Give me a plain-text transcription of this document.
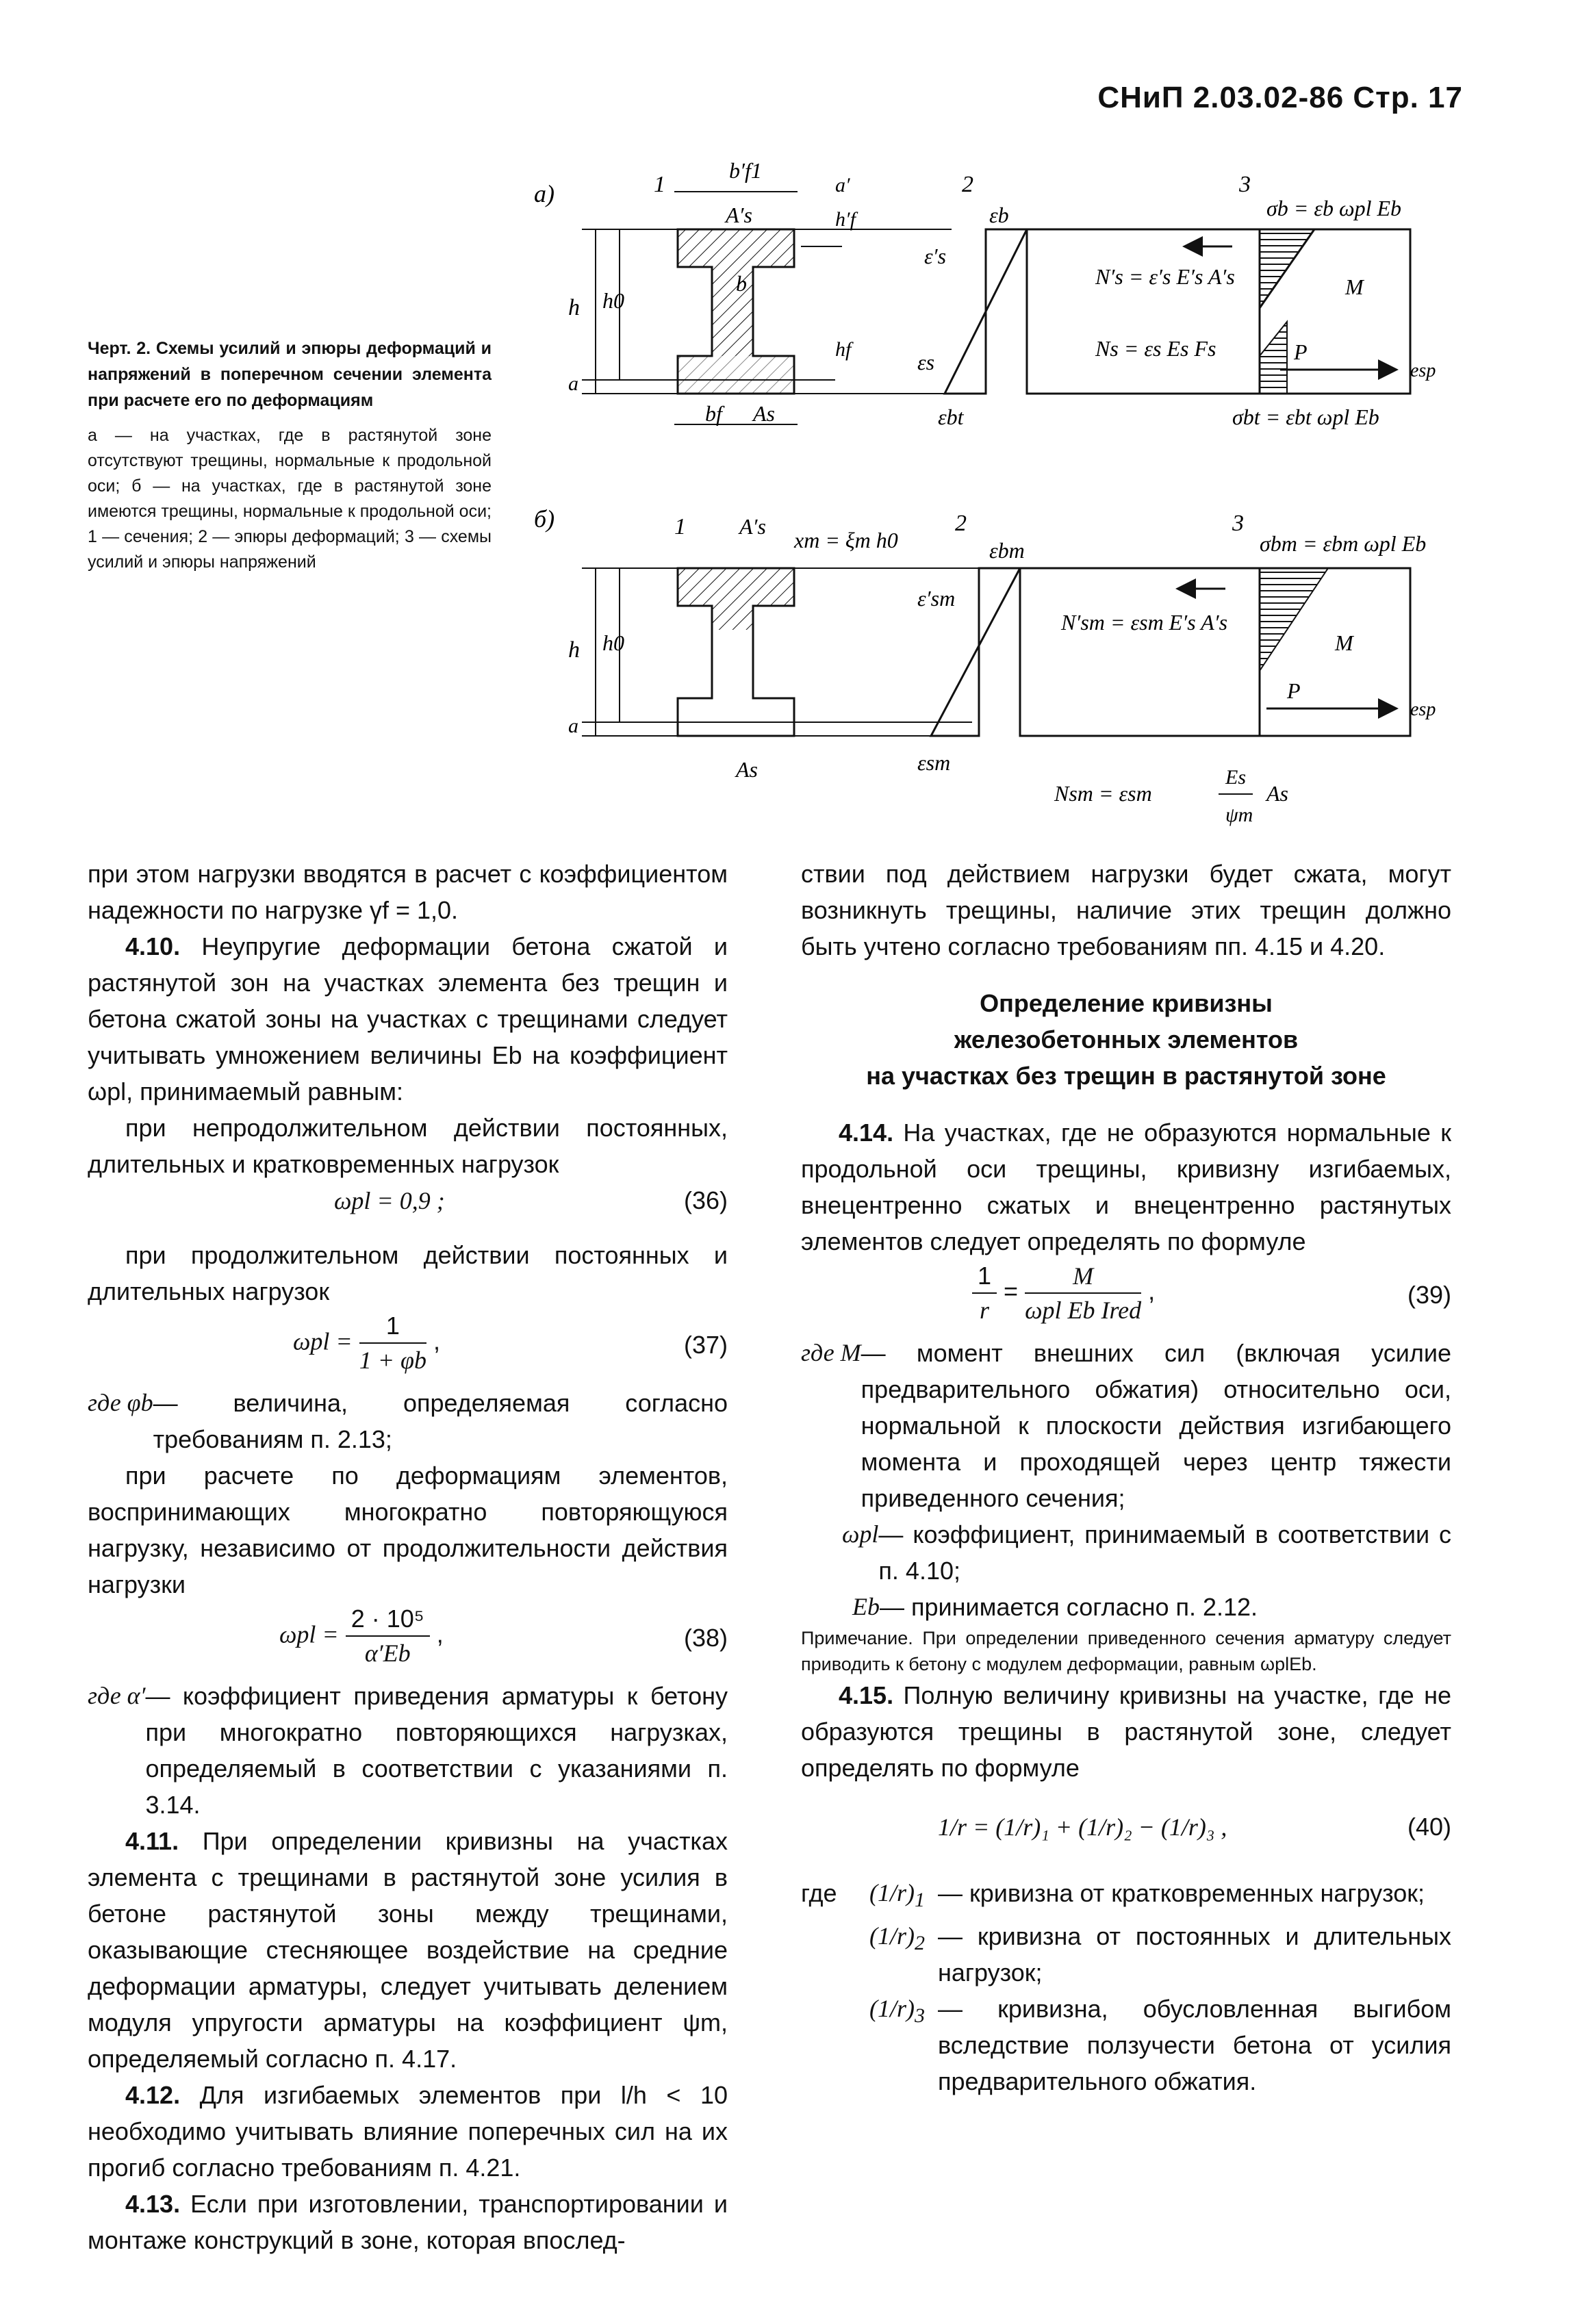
СНиП 2.03.02-86 Стр. 17
Черт. 2. Схемы усилий и эпюры деформаций и напряжений в поперечном сечении элемента при расчете его по деформациям
а — на участках, где в растянутой зоне отсутствуют трещины, нормальные к продольной оси; б — на участках, где в растянутой зоне имеются трещины, нормальные к продольной оси; 1 — сечения; 2 — эпюры деформаций; 3 — схемы усилий и эпюры напряжений
а)	1
b′f1
a′
h′f
A′s
b
h h0
hf
a
bf As
2
εb
ε′s
εs
εbt
3
σb = εb ωpl Eb
N′s = ε′s E′s A′s
Ns = εs Es Fs
M
P
esp
σbt = εbt ωpl Eb
б)	1 A′s
xm = ξm h0
h h0
a
As
2
εbm
ε′sm
εsm
3
σbm = εbm ωpl Eb
N′sm = εsm E′s A′s
M
P
esp
Nsm = εsm
Es
ψm
As

при этом нагрузки вводятся в расчет с коэффициентом надежности по нагрузке γf = 1,0.

4.10. Неупругие деформации бетона сжатой и растянутой зон на участках элемента без трещин и бетона сжатой зоны на участках с трещинами следует учитывать умножением величины Eb на коэффициент ωpl, принимаемый равным:

при непродолжительном действии постоянных, длительных и кратковременных нагрузок

ωpl = 0,9 ;	(36)

при продолжительном действии постоянных и длительных нагрузок

$\omega pl = \frac{1}{1 + \varphi b}$ ,	(37)
где φb — величина, определяемая согласно требованиям п. 2.13;

при расчете по деформациям элементов, воспринимающих многократно повторяющуюся нагрузку, независимо от продолжительности действия нагрузки

$\omega pl = \frac{\text{2 · 10⁵}}{\alpha'Eb}$ ,	(38)
где α′ — коэффициент приведения арматуры к бетону при многократно повторяющихся нагрузках, определяемый в соответствии с указаниями п. 3.14.

4.11. При определении кривизны на участках элемента с трещинами в растянутой зоне усилия в бетоне растянутой зоны между трещинами, оказывающие стесняющее воздействие на средние деформации арматуры, следует учитывать делением модуля упругости арматуры на коэффициент ψm, определяемый согласно п. 4.17.

4.12. Для изгибаемых элементов при l/h < 10 необходимо учитывать влияние поперечных сил на их прогиб согласно требованиям п. 4.21.

4.13. Если при изготовлении, транспортировании и монтаже конструкций в зоне, которая впослед-

ствии под действием нагрузки будет сжата, могут возникнуть трещины, наличие этих трещин должно быть учтено согласно требованиям пп. 4.15 и 4.20.

Определение кривизны
железобетонных элементов
на участках без трещин в растянутой зоне

4.14. На участках, где не образуются нормальные к продольной оси трещины, кривизну изгибаемых, внецентренно сжатых и внецентренно растянутых элементов следует определять по формуле

$\frac{1}{r} = \frac{M}{\text{ωpl Eb Ired}}$ ,	(39)
где M — момент внешних сил (включая усилие предварительного обжатия) относительно оси, нормальной к плоскости действия изгибающего момента и проходящей через центр тяжести приведенного сечения;
ωpl — коэффициент, принимаемый в соответствии с п. 4.10;
Eb — принимается согласно п. 2.12.

Примечание. При определении приведенного сечения арматуру следует приводить к бетону с модулем деформации, равным ωplEb.

4.15. Полную величину кривизны на участке, где не образуются трещины в растянутой зоне, следует определять по формуле

1/r = (1/r)₁ + (1/r)₂ − (1/r)₃ ,	(40)
где	$(1/r)_1$ — кривизна от кратковременных нагрузок;
$(1/r)_2$ — кривизна от постоянных и длительных нагрузок;
$(1/r)_3$ — кривизна, обусловленная выгибом вследствие ползучести бетона от усилия предварительного обжатия.
